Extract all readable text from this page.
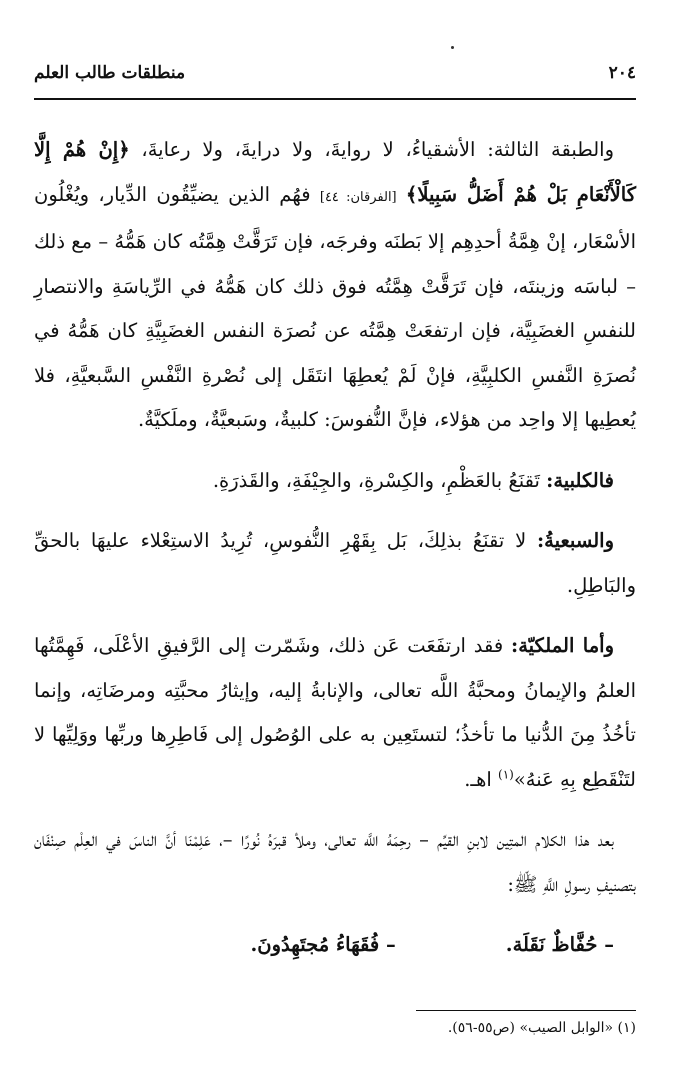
٢٠٤
منطلقات طالب العلم

والطبقة الثالثة: الأشقياءُ، لا روايةَ، ولا درايةَ، ولا رعايةَ، ﴿إِنْ هُمْ إِلَّا كَالْأَنْعَامِ بَلْ هُمْ أَضَلُّ سَبِيلًا﴾ [الفرقان: ٤٤] فهُم الذين يضيِّقُون الدِّيار، ويُغْلُون الأسْعَار، إنْ هِمَّةُ أحدِهِم إلا بَطنَه وفرجَه، فإن تَرَقَّتْ هِمَّتُه كان هَمُّهُ – مع ذلك – لباسَه وزينتَه، فإن تَرَقَّتْ هِمَّتُه فوق ذلك كان هَمُّهُ في الرِّياسَةِ والانتصارِ للنفسِ الغضَبِيَّة، فإن ارتفعَتْ هِمَّتُه عن نُصرَة النفس الغضَبِيَّةِ كان هَمُّهُ في نُصرَةِ النَّفسِ الكلبِيَّةِ، فإنْ لَمْ يُعطِهَا انتَقَل إلى نُصْرةِ النَّفْسِ السَّبعيَّةِ، فلا يُعطِيها إلا واحِد من هؤلاء، فإنَّ النُّفوسَ: كلبيةٌ، وسَبعيَّةٌ، وملَكيَّةٌ.

فالكلبية: تَقنَعُ بالعَظْمِ، والكِسْرةِ، والجِيْفَةِ، والقَذرَةِ.

والسبعيةُ: لا تقنَعُ بذلِكَ، بَل بِقَهْرِ النُّفوسِ، تُرِيدُ الاستِعْلاء عليهَا بالحقِّ والبَاطِلِ.

وأما الملكيّة: فقد ارتفَعَت عَن ذلك، وشَمّرت إلى الرَّفيقِ الأعْلَى، فَهِمَّتُها العلمُ والإيمانُ ومحبَّةُ اللَّه تعالى، والإنابةُ إليه، وإيثارُ محبَّتِه ومرضَاتِه، وإنما تأخُذُ مِنَ الدُّنيا ما تأخذُ؛ لتستَعِين به على الوُصُول إلى فَاطِرِها وربِّها ووَلِيِّها لا لتَنْقَطِع بِهِ عَنهُ»$^{(١)}$ اهـ.

بعد هذا الكلام المتِين لابنِ القيِّم – رحِمَهُ اللَّه تعالى، وملأ قبرَهُ نُورًا –، عَلِمْنَا أنَّ الناسَ في العِلْم صِنْفَان بتصنيفِ رسولِ اللَّهِ ﷺ:

– حُفَّاظٌ نَقَلَة.
– فُقَهَاءُ مُجتَهِدُونَ.
(١) «الوابل الصيب» (ص٥٥-٥٦).
